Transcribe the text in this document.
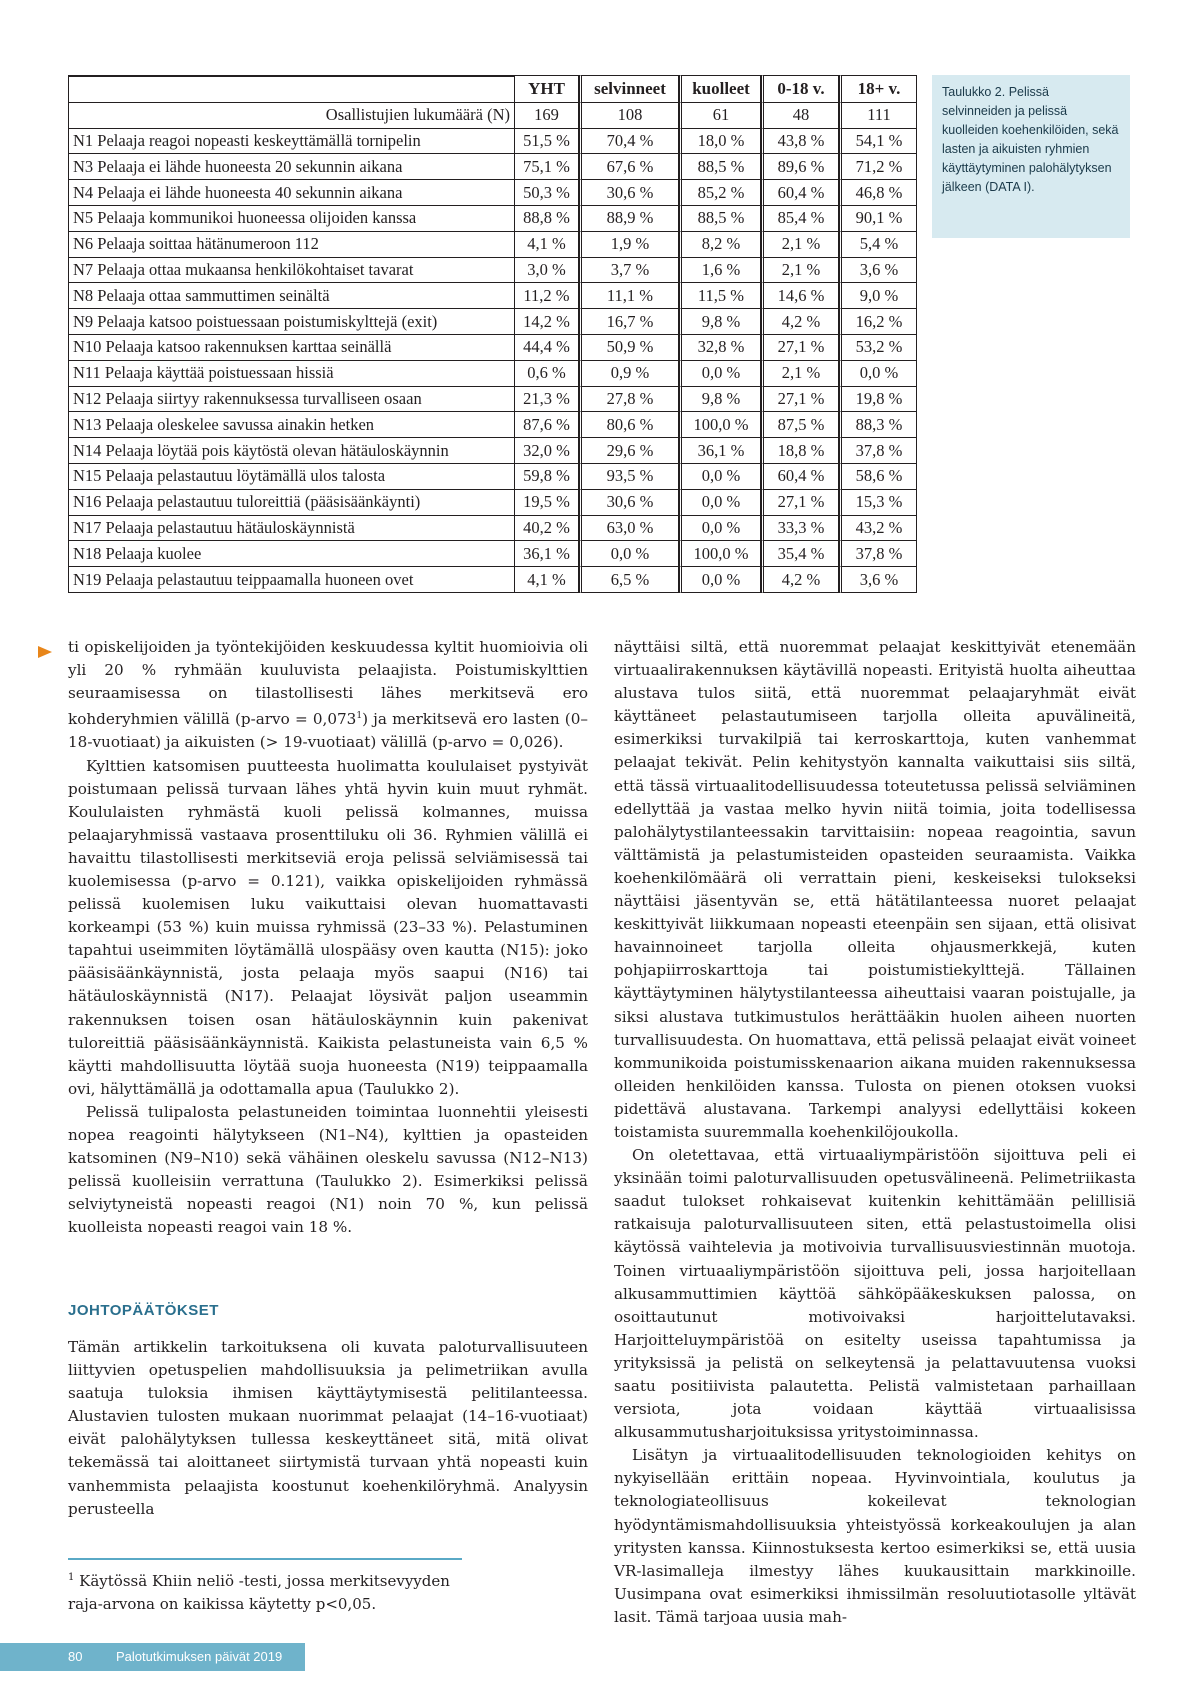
	YHT	selvinneet	kuolleet	0-18 v.	18+ v.
Osallistujien lukumäärä (N)	169	108	61	48	111
N1 Pelaaja reagoi nopeasti keskeyttämällä tornipelin	51,5 %	70,4 %	18,0 %	43,8 %	54,1 %
N3 Pelaaja ei lähde huoneesta 20 sekunnin aikana	75,1 %	67,6 %	88,5 %	89,6 %	71,2 %
N4 Pelaaja ei lähde huoneesta 40 sekunnin aikana	50,3 %	30,6 %	85,2 %	60,4 %	46,8 %
N5 Pelaaja kommunikoi huoneessa olijoiden kanssa	88,8 %	88,9 %	88,5 %	85,4 %	90,1 %
N6 Pelaaja soittaa hätänumeroon 112	4,1 %	1,9 %	8,2 %	2,1 %	5,4 %
N7 Pelaaja ottaa mukaansa henkilökohtaiset tavarat	3,0 %	3,7 %	1,6 %	2,1 %	3,6 %
N8 Pelaaja ottaa sammuttimen seinältä	11,2 %	11,1 %	11,5 %	14,6 %	9,0 %
N9 Pelaaja katsoo poistuessaan poistumiskylttejä (exit)	14,2 %	16,7 %	9,8 %	4,2 %	16,2 %
N10 Pelaaja katsoo rakennuksen karttaa seinällä	44,4 %	50,9 %	32,8 %	27,1 %	53,2 %
N11 Pelaaja käyttää poistuessaan hissiä	0,6 %	0,9 %	0,0 %	2,1 %	0,0 %
N12 Pelaaja siirtyy rakennuksessa turvalliseen osaan	21,3 %	27,8 %	9,8 %	27,1 %	19,8 %
N13 Pelaaja oleskelee savussa ainakin hetken	87,6 %	80,6 %	100,0 %	87,5 %	88,3 %
N14 Pelaaja löytää pois käytöstä olevan hätäuloskäynnin	32,0 %	29,6 %	36,1 %	18,8 %	37,8 %
N15 Pelaaja pelastautuu löytämällä ulos talosta	59,8 %	93,5 %	0,0 %	60,4 %	58,6 %
N16 Pelaaja pelastautuu tuloreittiä (pääsisäänkäynti)	19,5 %	30,6 %	0,0 %	27,1 %	15,3 %
N17 Pelaaja pelastautuu hätäuloskäynnistä	40,2 %	63,0 %	0,0 %	33,3 %	43,2 %
N18 Pelaaja kuolee	36,1 %	0,0 %	100,0 %	35,4 %	37,8 %
N19 Pelaaja pelastautuu teippaamalla huoneen ovet	4,1 %	6,5 %	0,0 %	4,2 %	3,6 %
Taulukko 2. Pelissä selvinneiden ja pelissä kuolleiden koehenkilöiden, sekä lasten ja aikuisten ryhmien käyttäytyminen palohälytyksen jälkeen (DATA I).

ti opiskelijoiden ja työntekijöiden keskuudessa kyltit huomioivia oli yli 20 % ryhmään kuuluvista pelaajista. Poistumiskylttien seuraamisessa on tilastollisesti lähes merkitsevä ero kohderyhmien välillä (p-arvo = $0,073^1$) ja merkitsevä ero lasten (0–18-vuotiaat) ja aikuisten (> 19-vuotiaat) välillä (p-arvo = 0,026).

Kylttien katsomisen puutteesta huolimatta koululaiset pystyivät poistumaan pelissä turvaan lähes yhtä hyvin kuin muut ryhmät. Koululaisten ryhmästä kuoli pelissä kolmannes, muissa pelaajaryhmissä vastaava prosenttiluku oli 36. Ryhmien välillä ei havaittu tilastollisesti merkitseviä eroja pelissä selviämisessä tai kuolemisessa (p-arvo = 0.121), vaikka opiskelijoiden ryhmässä pelissä kuolemisen luku vaikuttaisi olevan huomattavasti korkeampi (53 %) kuin muissa ryhmissä (23–33 %). Pelastuminen tapahtui useimmiten löytämällä ulospääsy oven kautta (N15): joko pääsisäänkäynnistä, josta pelaaja myös saapui (N16) tai hätäuloskäynnistä (N17). Pelaajat löysivät paljon useammin rakennuksen toisen osan hätäuloskäynnin kuin pakenivat tuloreittiä pääsisäänkäynnistä. Kaikista pelastuneista vain 6,5 % käytti mahdollisuutta löytää suoja huoneesta (N19) teippaamalla ovi, hälyttämällä ja odottamalla apua (Taulukko 2).

Pelissä tulipalosta pelastuneiden toimintaa luonnehtii yleisesti nopea reagointi hälytykseen (N1–N4), kylttien ja opasteiden katsominen (N9–N10) sekä vähäinen oleskelu savussa (N12–N13) pelissä kuolleisiin verrattuna (Taulukko 2). Esimerkiksi pelissä selviytyneistä nopeasti reagoi (N1) noin 70 %, kun pelissä kuolleista nopeasti reagoi vain 18 %.

JOHTOPÄÄTÖKSET

Tämän artikkelin tarkoituksena oli kuvata paloturvallisuuteen liittyvien opetuspelien mahdollisuuksia ja pelimetriikan avulla saatuja tuloksia ihmisen käyttäytymisestä pelitilanteessa. Alustavien tulosten mukaan nuorimmat pelaajat (14–16-vuotiaat) eivät palohälytyksen tullessa keskeyttäneet sitä, mitä olivat tekemässä tai aloittaneet siirtymistä turvaan yhtä nopeasti kuin vanhemmista pelaajista koostunut koehenkilöryhmä. Analyysin perusteella

näyttäisi siltä, että nuoremmat pelaajat keskittyivät etenemään virtuaalirakennuksen käytävillä nopeasti. Erityistä huolta aiheuttaa alustava tulos siitä, että nuoremmat pelaajaryhmät eivät käyttäneet pelastautumiseen tarjolla olleita apuvälineitä, esimerkiksi turvakilpiä tai kerroskarttoja, kuten vanhemmat pelaajat tekivät. Pelin kehitystyön kannalta vaikuttaisi siis siltä, että tässä virtuaalitodellisuudessa toteutetussa pelissä selviäminen edellyttää ja vastaa melko hyvin niitä toimia, joita todellisessa palohälytystilanteessakin tarvittaisiin: nopeaa reagointia, savun välttämistä ja pelastumisteiden opasteiden seuraamista. Vaikka koehenkilömäärä oli verrattain pieni, keskeiseksi tulokseksi näyttäisi jäsentyvän se, että hätätilanteessa nuoret pelaajat keskittyivät liikkumaan nopeasti eteenpäin sen sijaan, että olisivat havainnoineet tarjolla olleita ohjausmerkkejä, kuten pohjapiirroskarttoja tai poistumistiekylttejä. Tällainen käyttäytyminen hälytystilanteessa aiheuttaisi vaaran poistujalle, ja siksi alustava tutkimustulos herättääkin huolen aiheen nuorten turvallisuudesta. On huomattava, että pelissä pelaajat eivät voineet kommunikoida poistumisskenaarion aikana muiden rakennuksessa olleiden henkilöiden kanssa. Tulosta on pienen otoksen vuoksi pidettävä alustavana. Tarkempi analyysi edellyttäisi kokeen toistamista suuremmalla koehenkilöjoukolla.

On oletettavaa, että virtuaaliympäristöön sijoittuva peli ei yksinään toimi paloturvallisuuden opetusvälineenä. Pelimetriikasta saadut tulokset rohkaisevat kuitenkin kehittämään pelillisiä ratkaisuja paloturvallisuuteen siten, että pelastustoimella olisi käytössä vaihtelevia ja motivoivia turvallisuusviestinnän muotoja. Toinen virtuaaliympäristöön sijoittuva peli, jossa harjoitellaan alkusammuttimien käyttöä sähköpääkeskuksen palossa, on osoittautunut motivoivaksi harjoittelutavaksi. Harjoitteluympäristöä on esitelty useissa tapahtumissa ja yrityksissä ja pelistä on selkeytensä ja pelattavuutensa vuoksi saatu positiivista palautetta. Pelistä valmistetaan parhaillaan versiota, jota voidaan käyttää virtuaalisissa alkusammutusharjoituksissa yritystoiminnassa.

Lisätyn ja virtuaalitodellisuuden teknologioiden kehitys on nykyisellään erittäin nopeaa. Hyvinvointiala, koulutus ja teknologiateollisuus kokeilevat teknologian hyödyntämismahdollisuuksia yhteistyössä korkeakoulujen ja alan yritysten kanssa. Kiinnostuksesta kertoo esimerkiksi se, että uusia VR-lasimalleja ilmestyy lähes kuukausittain markkinoille. Uusimpana ovat esimerkiksi ihmissilmän resoluutiotasolle yltävät lasit. Tämä tarjoaa uusia mah-

$^1$ Käytössä Khiin neliö -testi, jossa merkitsevyyden raja-arvona on kaikissa käytetty p<0,05.
80	Palotutkimuksen päivät 2019
